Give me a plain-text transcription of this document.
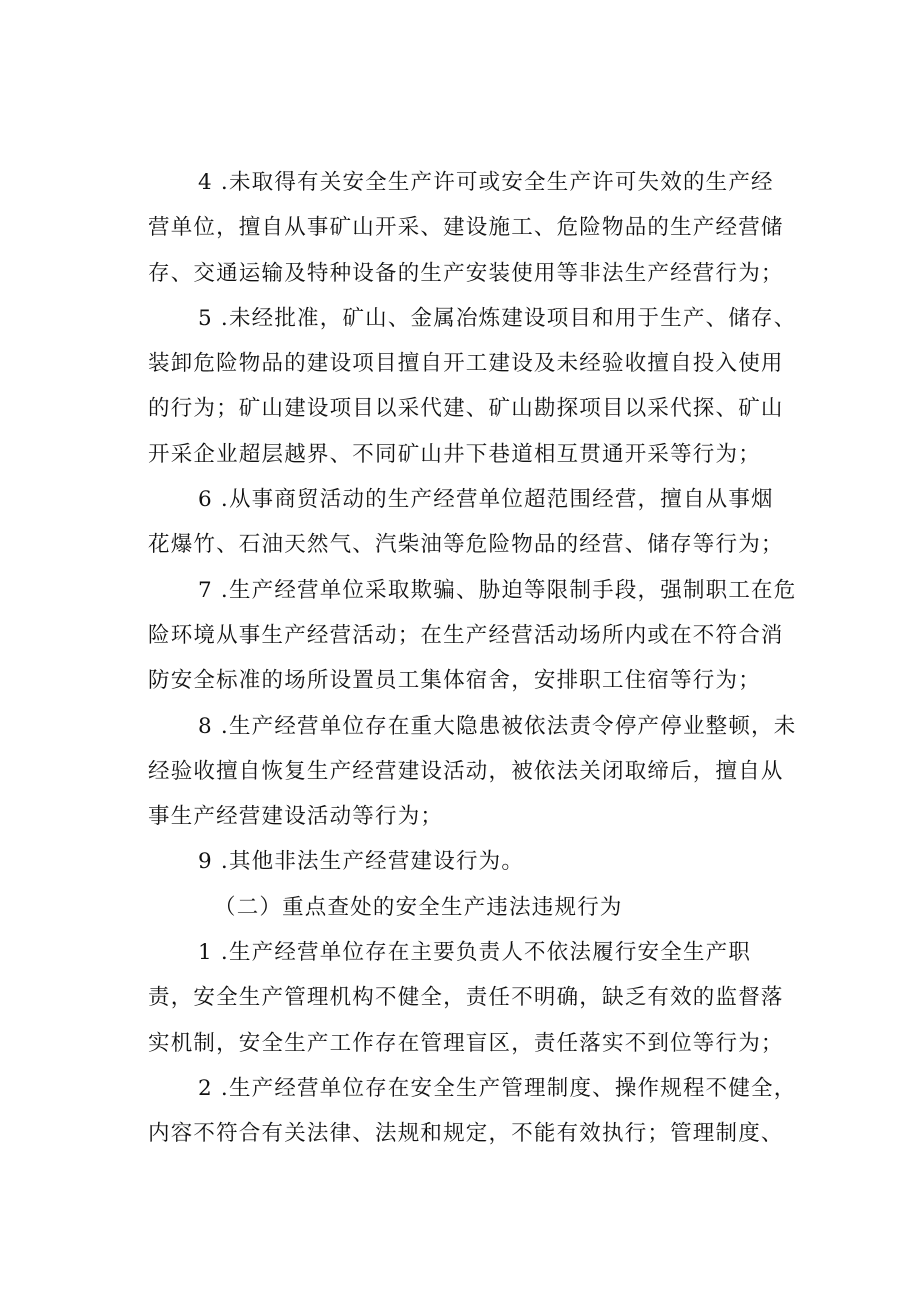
4 .未取得有关安全生产许可或安全生产许可失效的生产经
营单位，擅自从事矿山开采、建设施工、危险物品的生产经营储
存、交通运输及特种设备的生产安装使用等非法生产经营行为；
5 .未经批准，矿山、金属冶炼建设项目和用于生产、储存、
装卸危险物品的建设项目擅自开工建设及未经验收擅自投入使用
的行为；矿山建设项目以采代建、矿山勘探项目以采代探、矿山
开采企业超层越界、不同矿山井下巷道相互贯通开采等行为；
6 .从事商贸活动的生产经营单位超范围经营，擅自从事烟
花爆竹、石油天然气、汽柴油等危险物品的经营、储存等行为；
7 .生产经营单位采取欺骗、胁迫等限制手段，强制职工在危
险环境从事生产经营活动；在生产经营活动场所内或在不符合消
防安全标准的场所设置员工集体宿舍，安排职工住宿等行为；
8 .生产经营单位存在重大隐患被依法责令停产停业整顿，未
经验收擅自恢复生产经营建设活动，被依法关闭取缔后，擅自从
事生产经营建设活动等行为；
9 .其他非法生产经营建设行为。
（二）重点查处的安全生产违法违规行为
1 .生产经营单位存在主要负责人不依法履行安全生产职
责，安全生产管理机构不健全，责任不明确，缺乏有效的监督落
实机制，安全生产工作存在管理盲区，责任落实不到位等行为；
2 .生产经营单位存在安全生产管理制度、操作规程不健全，
内容不符合有关法律、法规和规定，不能有效执行；管理制度、
